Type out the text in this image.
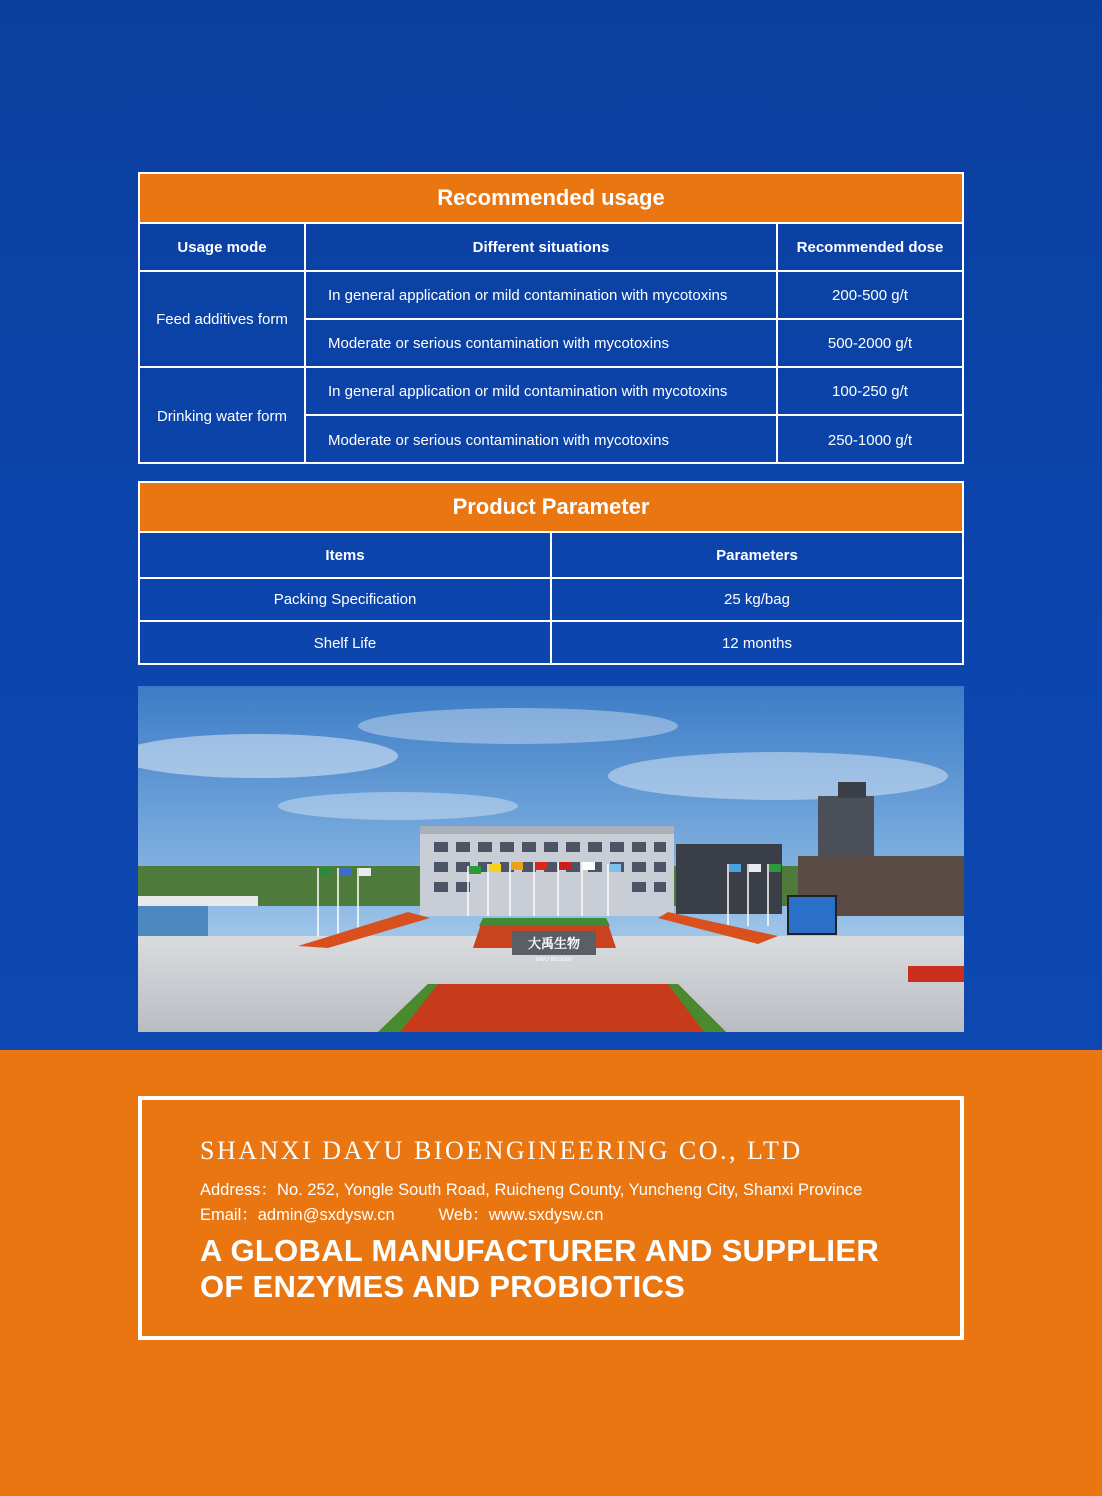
Recommended usage
Usage mode	Different situations	Recommended dose
Feed additives form
In general application or mild contamination with mycotoxins	200-500 g/t
Moderate or serious contamination with mycotoxins	500-2000 g/t
Drinking water form
In general application or mild contamination with mycotoxins	100-250 g/t
Moderate or serious contamination with mycotoxins	250-1000 g/t
Product Parameter
Items	Parameters
Packing Specification	25 kg/bag
Shelf Life	12 months
大禹生物
DAYU BIOLOGY
SHANXI DAYU BIOENGINEERING CO., LTD
Address：No. 252, Yongle South Road, Ruicheng County, Yuncheng City, Shanxi Province
Email：admin@sxdysw.cn	Web：www.sxdysw.cn
A GLOBAL MANUFACTURER AND SUPPLIER
OF ENZYMES AND PROBIOTICS
